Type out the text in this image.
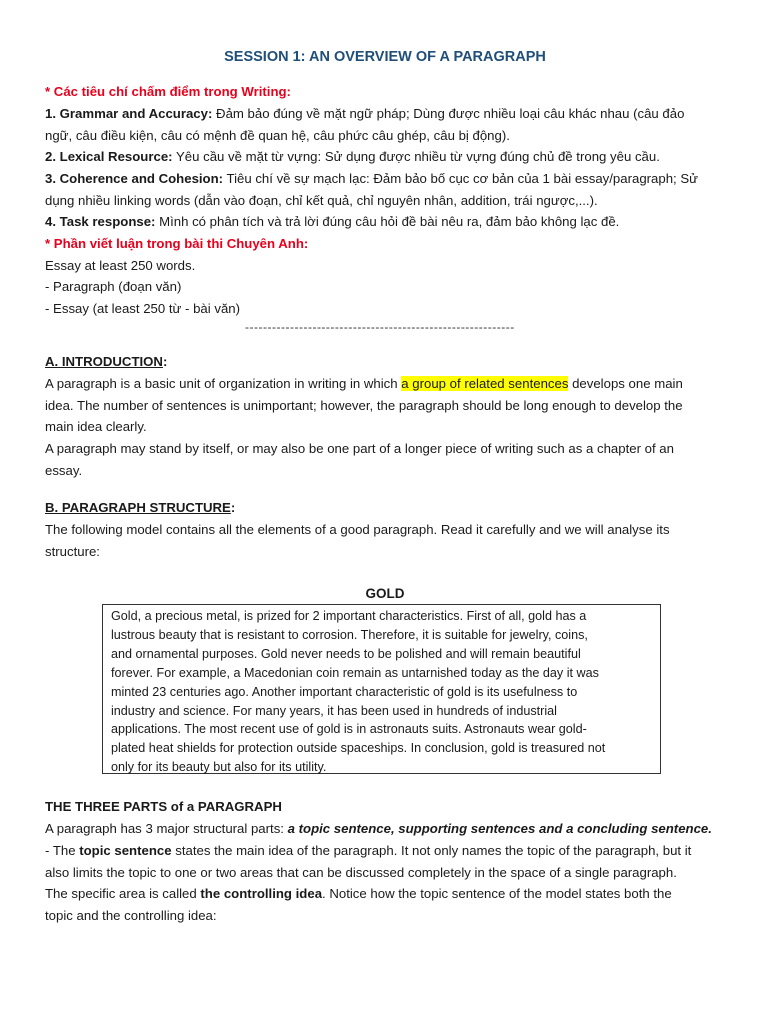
SESSION 1: AN OVERVIEW OF A PARAGRAPH
* Các tiêu chí chấm điểm trong Writing:
1. Grammar and Accuracy: Đảm bảo đúng về mặt ngữ pháp; Dùng được nhiều loại câu khác nhau (câu đảo
ngữ, câu điều kiện, câu có mệnh đề quan hệ, câu phức câu ghép, câu bị động).
2. Lexical Resource: Yêu cầu về mặt từ vựng: Sử dụng được nhiều từ vựng đúng chủ đề trong yêu cầu.
3. Coherence and Cohesion: Tiêu chí về sự mạch lạc: Đảm bảo bố cục cơ bản của 1 bài essay/paragraph; Sử
dụng nhiều linking words (dẫn vào đoạn, chỉ kết quả, chỉ nguyên nhân, addition, trái ngược,...).
4. Task response: Mình có phân tích và trả lời đúng câu hỏi đề bài nêu ra, đảm bảo không lạc đề.
* Phần viết luận trong bài thi Chuyên Anh:
Essay at least 250 words.
- Paragraph (đoạn văn)
- Essay (at least 250 từ - bài văn)
------------------------------------------------------------
A. INTRODUCTION:
A paragraph is a basic unit of organization in writing in which a group of related sentences develops one main
idea. The number of sentences is unimportant; however, the paragraph should be long enough to develop the
main idea clearly.
A paragraph may stand by itself, or may also be one part of a longer piece of writing such as a chapter of an
essay.
B. PARAGRAPH STRUCTURE:
The following model contains all the elements of a good paragraph. Read it carefully and we will analyse its
structure:
GOLD
Gold, a precious metal, is prized for 2 important characteristics. First of all, gold has a
lustrous beauty that is resistant to corrosion. Therefore, it is suitable for jewelry, coins,
and ornamental purposes. Gold never needs to be polished and will remain beautiful
forever. For example, a Macedonian coin remain as untarnished today as the day it was
minted 23 centuries ago. Another important characteristic of gold is its usefulness to
industry and science. For many years, it has been used in hundreds of industrial
applications. The most recent use of gold is in astronauts suits. Astronauts wear gold-
plated heat shields for protection outside spaceships. In conclusion, gold is treasured not
only for its beauty but also for its utility.
THE THREE PARTS of a PARAGRAPH
A paragraph has 3 major structural parts: a topic sentence, supporting sentences and a concluding sentence.
- The topic sentence states the main idea of the paragraph. It not only names the topic of the paragraph, but it
also limits the topic to one or two areas that can be discussed completely in the space of a single paragraph.
The specific area is called the controlling idea. Notice how the topic sentence of the model states both the
topic and the controlling idea:
